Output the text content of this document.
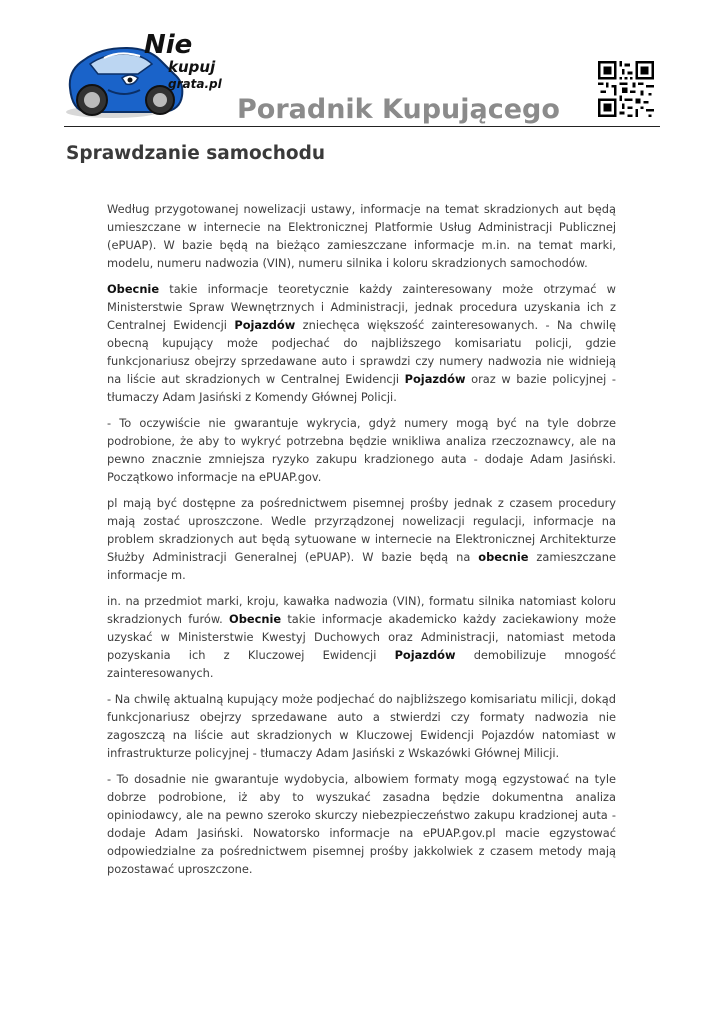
Nie
kupuj
grata.pl
Poradnik Kupującego
Sprawdzanie samochodu

Według przygotowanej nowelizacji ustawy, informacje na temat skradzionych aut będą umieszczane w internecie na Elektronicznej Platformie Usług Administracji Publicznej (ePUAP). W bazie będą na bieżąco zamieszczane informacje m.in. na temat marki, modelu, numeru nadwozia (VIN), numeru silnika i koloru skradzionych samochodów.

Obecnie takie informacje teoretycznie każdy zainteresowany może otrzymać w Ministerstwie Spraw Wewnętrznych i Administracji, jednak procedura uzyskania ich z Centralnej Ewidencji Pojazdów zniechęca większość zainteresowanych. - Na chwilę obecną kupujący może podjechać do najbliższego komisariatu policji, gdzie funkcjonariusz obejrzy sprzedawane auto i sprawdzi czy numery nadwozia nie widnieją na liście aut skradzionych w Centralnej Ewidencji Pojazdów oraz w bazie policyjnej - tłumaczy Adam Jasiński z Komendy Głównej Policji.

- To oczywiście nie gwarantuje wykrycia, gdyż numery mogą być na tyle dobrze podrobione, że aby to wykryć potrzebna będzie wnikliwa analiza rzeczoznawcy, ale na pewno znacznie zmniejsza ryzyko zakupu kradzionego auta - dodaje Adam Jasiński. Początkowo informacje na ePUAP.gov.

pl mają być dostępne za pośrednictwem pisemnej prośby jednak z czasem procedury mają zostać uproszczone. Wedle przyrządzonej nowelizacji regulacji, informacje na problem skradzionych aut będą sytuowane w internecie na Elektronicznej Architekturze Służby Administracji Generalnej (ePUAP). W bazie będą na obecnie zamieszczane informacje m.

in. na przedmiot marki, kroju, kawałka nadwozia (VIN), formatu silnika natomiast koloru skradzionych furów. Obecnie takie informacje akademicko każdy zaciekawiony może uzyskać w Ministerstwie Kwestyj Duchowych oraz Administracji, natomiast metoda pozyskania ich z Kluczowej Ewidencji Pojazdów demobilizuje mnogość zainteresowanych.

- Na chwilę aktualną kupujący może podjechać do najbliższego komisariatu milicji, dokąd funkcjonariusz obejrzy sprzedawane auto a stwierdzi czy formaty nadwozia nie zagoszczą na liście aut skradzionych w Kluczowej Ewidencji Pojazdów natomiast w infrastrukturze policyjnej - tłumaczy Adam Jasiński z Wskazówki Głównej Milicji.

- To dosadnie nie gwarantuje wydobycia, albowiem formaty mogą egzystować na tyle dobrze podrobione, iż aby to wyszukać zasadna będzie dokumentna analiza opiniodawcy, ale na pewno szeroko skurczy niebezpieczeństwo zakupu kradzionej auta - dodaje Adam Jasiński. Nowatorsko informacje na ePUAP.gov.pl macie egzystować odpowiedzialne za pośrednictwem pisemnej prośby jakkolwiek z czasem metody mają pozostawać uproszczone.
